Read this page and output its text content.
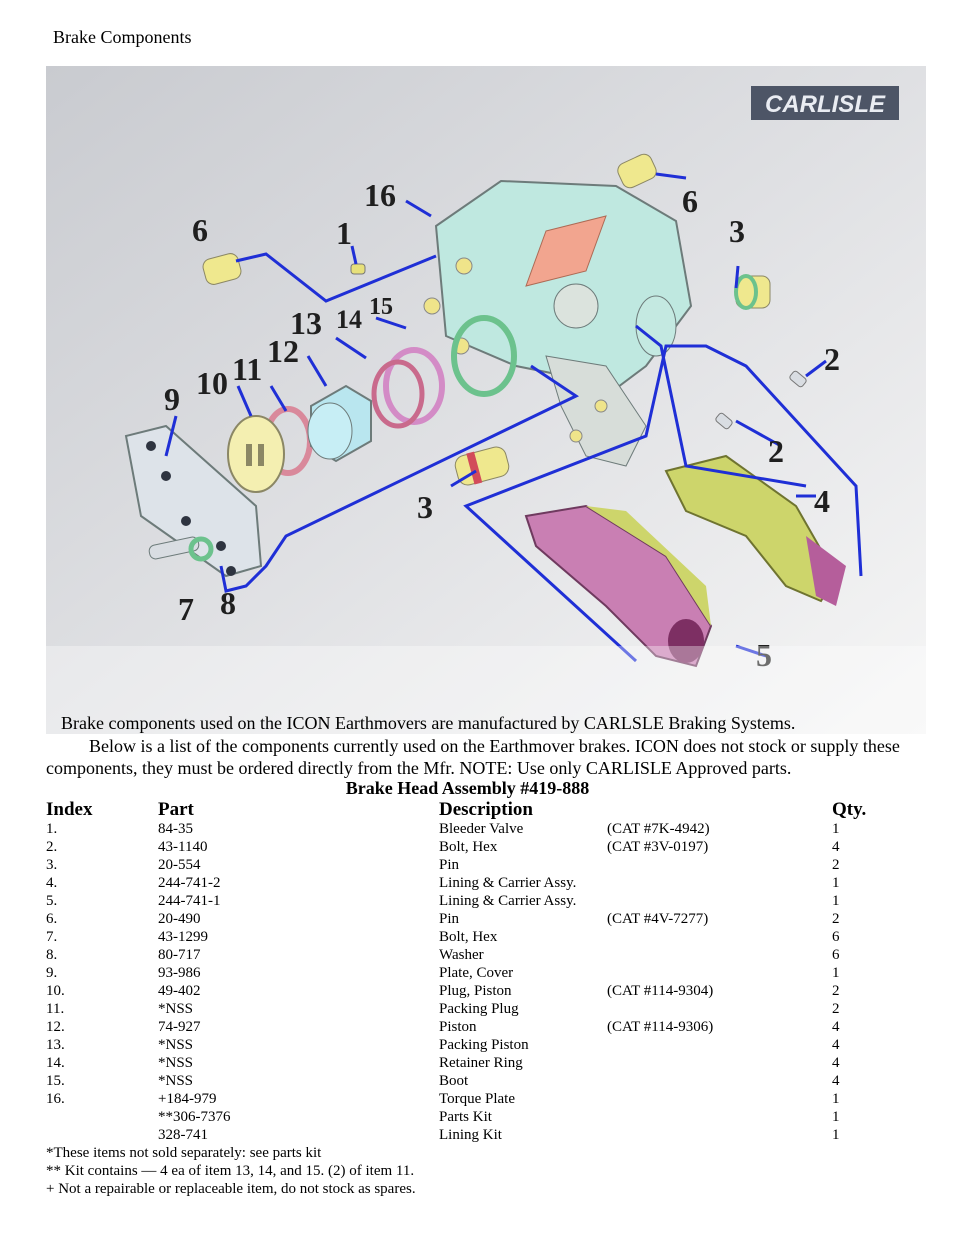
Brake Components
CARLISLE
16
1
6
6
3
15
14
13
12
11
10
9
2
2
4
3
5
7 8
Brake components used on the ICON Earthmovers are manufactured by CARLSLE Braking Systems.
Below is a list of the components currently used on the Earthmover brakes. ICON does not stock or supply these components, they must be ordered directly from the Mfr. NOTE: Use only CARLISLE Approved parts.
Brake Head Assembly #419-888
Index	Part	Description	Qty.
1.	84-35	Bleeder Valve	(CAT #7K-4942)	1
2.	43-1140	Bolt, Hex	(CAT #3V-0197)	4
3.	20-554	Pin	2
4.	244-741-2	Lining & Carrier Assy.	1
5.	244-741-1	Lining & Carrier Assy.	1
6.	20-490	Pin	(CAT #4V-7277)	2
7.	43-1299	Bolt, Hex	6
8.	80-717	Washer	6
9.	93-986	Plate, Cover	1
10.	49-402	Plug, Piston	(CAT #114-9304)	2
11.	*NSS	Packing Plug	2
12.	74-927	Piston	(CAT #114-9306)	4
13.	*NSS	Packing Piston	4
14.	*NSS	Retainer Ring	4
15.	*NSS	Boot	4
16.	+184-979	Torque Plate	1
**306-7376	Parts Kit	1
328-741	Lining Kit	1
*These items not sold separately: see parts kit
** Kit contains — 4 ea of item 13, 14, and 15. (2) of item 11.
+ Not a repairable or replaceable item, do not stock as spares.
